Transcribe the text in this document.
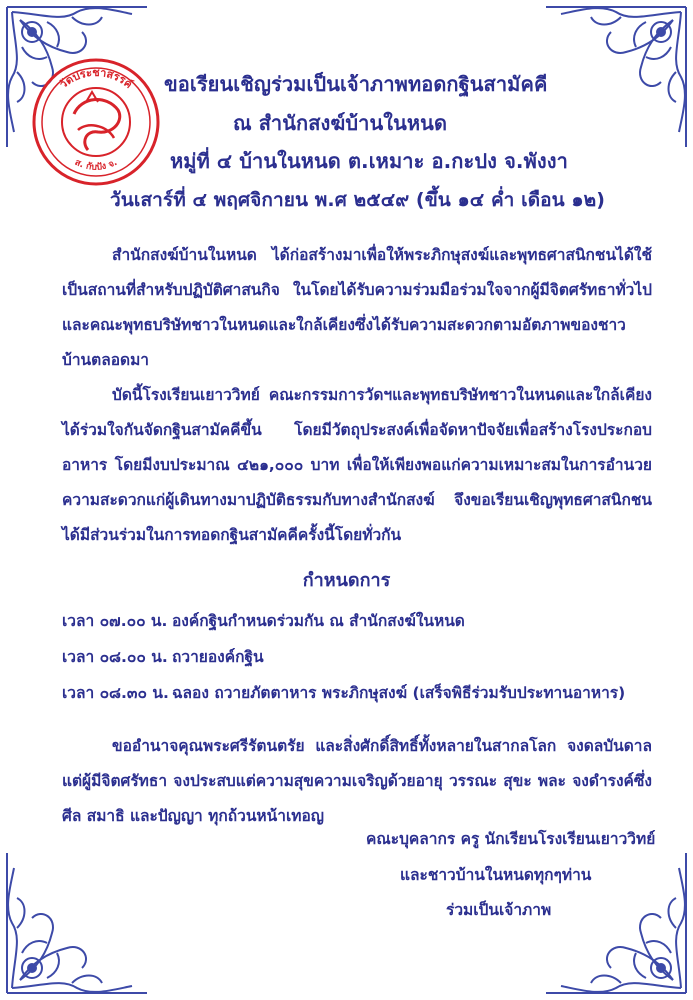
วัดประชาสรรค์
ส. กับปัง จ.
ขอเรียนเชิญร่วมเป็นเจ้าภาพทอดกฐินสามัคคี
ณ สำนักสงฆ์บ้านในหนด
หมู่ที่ ๔ บ้านในหนด ต.เหมาะ อ.กะปง จ.พังงา
วันเสาร์ที่ ๔ พฤศจิกายน พ.ศ ๒๕๔๙ (ขึ้น ๑๔ ค่ำ เดือน ๑๒)
สำนักสงฆ์บ้านในหนด ได้ก่อสร้างมาเพื่อให้พระภิกษุสงฆ์และพุทธศาสนิกชนได้ใช้เป็นสถานที่สำหรับปฏิบัติศาสนกิจ ในโดยได้รับความร่วมมือร่วมใจจากผู้มีจิตศรัทธาทั่วไปและคณะพุทธบริษัทชาวในหนดและใกล้เคียงซึ่งได้รับความสะดวกตามอัตภาพของชาวบ้านตลอดมา
บัดนี้โรงเรียนเยาววิทย์ คณะกรรมการวัดฯและพุทธบริษัทชาวในหนดและใกล้เคียงได้ร่วมใจกันจัดกฐินสามัคคีขึ้น โดยมีวัตถุประสงค์เพื่อจัดหาปัจจัยเพื่อสร้างโรงประกอบอาหาร โดยมีงบประมาณ ๔๒๑,๐๐๐ บาท เพื่อให้เพียงพอแก่ความเหมาะสมในการอำนวยความสะดวกแก่ผู้เดินทางมาปฏิบัติธรรมกับทางสำนักสงฆ์ จึงขอเรียนเชิญพุทธศาสนิกชนได้มีส่วนร่วมในการทอดกฐินสามัคคีครั้งนี้โดยทั่วกัน
กำหนดการ
เวลา ๐๗.๐๐ น. องค์กฐินกำหนดร่วมกัน ณ สำนักสงฆ์ในหนด
เวลา ๐๘.๐๐ น. ถวายองค์กฐิน
เวลา ๐๘.๓๐ น. ฉลอง ถวายภัตตาหาร พระภิกษุสงฆ์ (เสร็จพิธีร่วมรับประทานอาหาร)
ขออำนาจคุณพระศรีรัตนตรัย และสิ่งศักดิ์สิทธิ์ทั้งหลายในสากลโลก จงดลบันดาลแต่ผู้มีจิตศรัทธา จงประสบแต่ความสุขความเจริญด้วยอายุ วรรณะ สุขะ พละ จงดำรงค์ซึ่ง ศีล สมาธิ และปัญญา ทุกถ้วนหน้าเทอญ
คณะบุคลากร ครู นักเรียนโรงเรียนเยาววิทย์
และชาวบ้านในหนดทุกๆท่าน
ร่วมเป็นเจ้าภาพ
